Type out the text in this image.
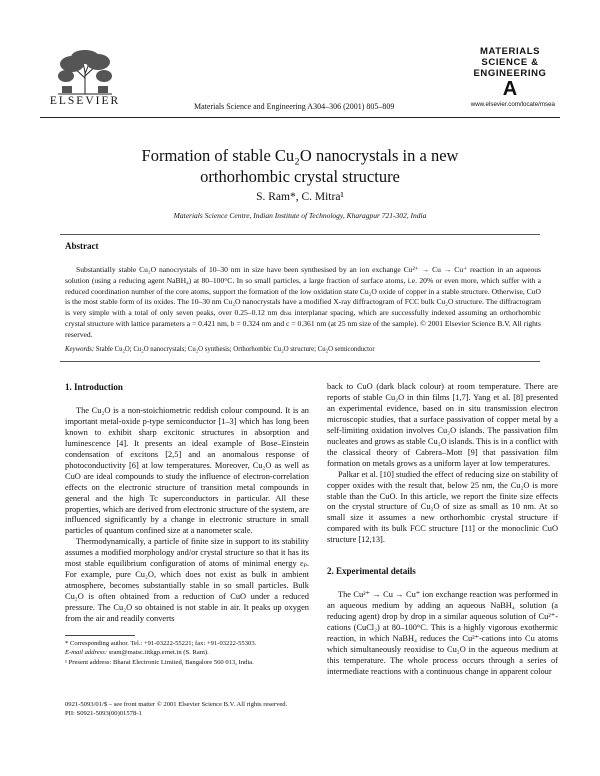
ELSEVIER	Materials Science and Engineering A304–306 (2001) 805–809
MATERIALS
SCIENCE &
ENGINEERING
A
www.elsevier.com/locate/msea
Formation of stable Cu₂O nanocrystals in a new
orthorhombic crystal structure
S. Ram*, C. Mitra¹
Materials Science Centre, Indian Institute of Technology, Kharagpur 721-302, India
Abstract
Substantially stable Cu₂O nanocrystals of 10–30 nm in size have been synthesised by an ion exchange Cu²⁺ → Cu → Cu⁺ reaction in an aqueous solution (using a reducing agent NaBH₄) at 80–100°C. In so small particles, a large fraction of surface atoms, i.e. 20% or even more, which suffer with a reduced coordination number of the core atoms, support the formation of the low oxidation state Cu₂O oxide of copper in a stable structure. Otherwise, CuO is the most stable form of its oxides. The 10–30 nm Cu₂O nanocrystals have a modified X-ray diffractogram of FCC bulk Cu₂O structure. The diffractogram is very simple with a total of only seven peaks, over 0.25–0.12 nm dₕₖₗ interplanar spacing, which are successfully indexed assuming an orthorhombic crystal structure with lattice parameters a = 0.421 nm, b = 0.324 nm and c = 0.361 nm (at 25 nm size of the sample). © 2001 Elsevier Science B.V. All rights reserved.
Keywords: Stable Cu₂O; Cu₂O nanocrystals; Cu₂O synthesis; Orthorhombic Cu₂O structure; Cu₂O semiconductor
1. Introduction

The Cu₂O is a non-stoichiometric reddish colour compound. It is an important metal-oxide p-type semiconductor [1–3] which has long been known to exhibit sharp excitonic structures in absorption and luminescence [4]. It presents an ideal example of Bose–Einstein condensation of excitons [2,5] and an anomalous response of photoconductivity [6] at low temperatures. Moreover, Cu₂O as well as CuO are ideal compounds to study the influence of electron-correlation effects on the electronic structure of transition metal compounds in general and the high Tc superconductors in particular. All these properties, which are derived from electronic structure of the system, are influenced significantly by a change in electronic structure in small particles of quantum confined size at a nanometer scale.

Thermodynamically, a particle of finite size in support to its stability assumes a modified morphology and/or crystal structure so that it has its most stable equilibrium configuration of atoms of minimal energy εₚ. For example, pure Cu₂O, which does not exist as bulk in ambient atmosphere, becomes substantially stable in so small particles. Bulk Cu₂O is often obtained from a reduction of CuO under a reduced pressure. The Cu₂O so obtained is not stable in air. It peaks up oxygen from the air and readily converts

back to CuO (dark black colour) at room temperature. There are reports of stable Cu₂O in thin films [1,7]. Yang et al. [8] presented an experimental evidence, based on in situ transmission electron microscopic studies, that a surface passivation of copper metal by a self-limiting oxidation involves Cu₂O islands. The passivation film nucleates and grows as stable Cu₂O islands. This is in a conflict with the classical theory of Cabrera–Mott [9] that passivation film formation on metals grows as a uniform layer at low temperatures.

Palkar et al. [10] studied the effect of reducing size on stability of copper oxides with the result that, below 25 nm, the Cu₂O is more stable than the CuO. In this article, we report the finite size effects on the crystal structure of Cu₂O of size as small as 10 nm. At so small size it assumes a new orthorhombic crystal structure if compared with its bulk FCC structure [11] or the monoclinic CuO structure [12,13].

2. Experimental details

The Cu²⁺ → Cu → Cu⁺ ion exchange reaction was performed in an aqueous medium by adding an aqueous NaBH₄ solution (a reducing agent) drop by drop in a similar aqueous solution of Cu²⁺-cations (CuCl₂) at 80–100°C. This is a highly vigorous exothermic reaction, in which NaBH₄ reduces the Cu²⁺-cations into Cu atoms which simultaneously reoxidise to Cu₂O in the aqueous medium at this temperature. The whole process occurs through a series of intermediate reactions with a continuous change in apparent colour

* Corresponding author. Tel.: +91-03222-55221; fax: +91-03222-55303.
E-mail address: sram@matsc.iitkgp.ernet.in (S. Ram).
¹ Present address: Bharat Electronic Limited, Bangalore 560 013, India.
0921-5093/01/$ – see front matter © 2001 Elsevier Science B.V. All rights reserved.
PII: S0921-5093(00)01578-1
